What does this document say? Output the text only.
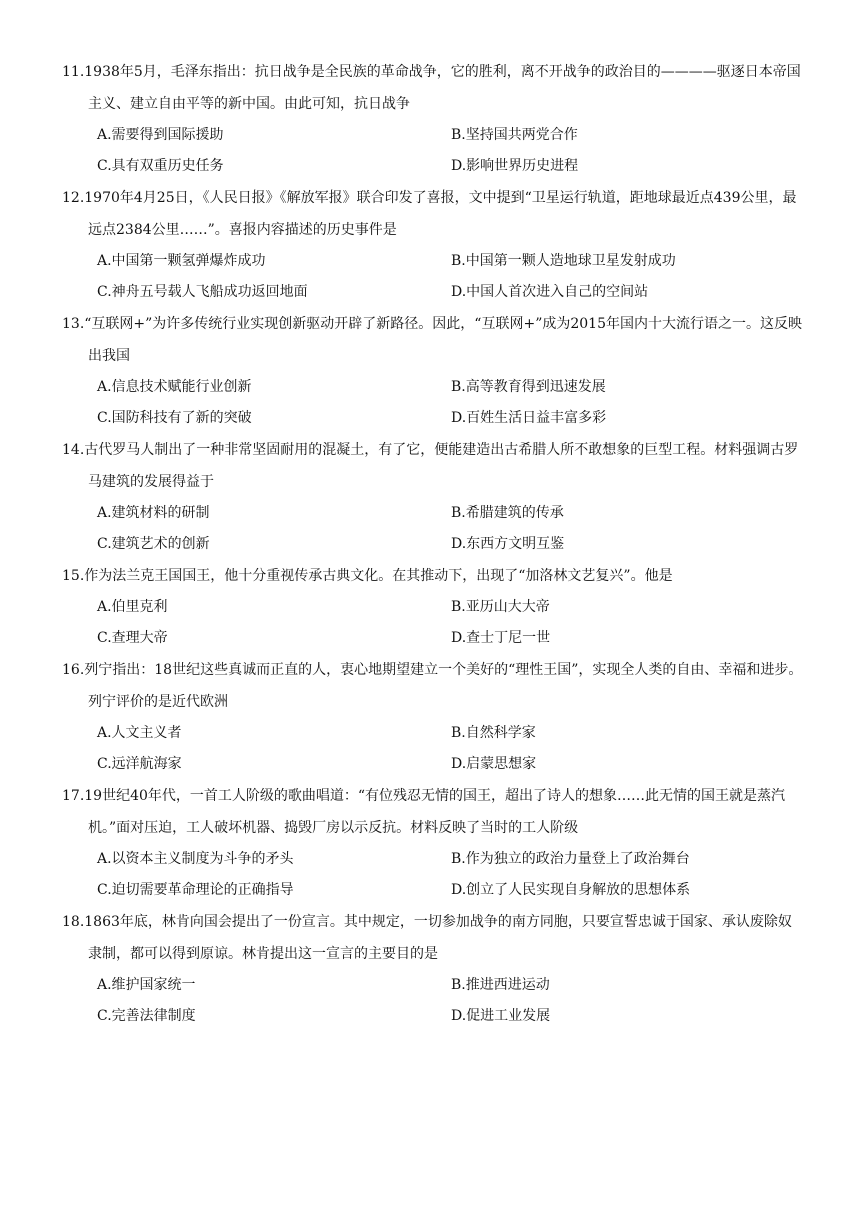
11.1938年5月，毛泽东指出：抗日战争是全民族的革命战争，它的胜利，离不开战争的政治目的————驱逐日本帝国主义、建立自由平等的新中国。由此可知，抗日战争
A.需要得到国际援助	B.坚持国共两党合作
C.具有双重历史任务	D.影响世界历史进程
12.1970年4月25日，《人民日报》《解放军报》联合印发了喜报，文中提到“卫星运行轨道，距地球最近点439公里，最远点2384公里……”。喜报内容描述的历史事件是
A.中国第一颗氢弹爆炸成功	B.中国第一颗人造地球卫星发射成功
C.神舟五号载人飞船成功返回地面	D.中国人首次进入自己的空间站
13.“互联网+”为许多传统行业实现创新驱动开辟了新路径。因此，“互联网+”成为2015年国内十大流行语之一。这反映出我国
A.信息技术赋能行业创新	B.高等教育得到迅速发展
C.国防科技有了新的突破	D.百姓生活日益丰富多彩
14.古代罗马人制出了一种非常坚固耐用的混凝土，有了它，便能建造出古希腊人所不敢想象的巨型工程。材料强调古罗马建筑的发展得益于
A.建筑材料的研制	B.希腊建筑的传承
C.建筑艺术的创新	D.东西方文明互鉴
15.作为法兰克王国国王，他十分重视传承古典文化。在其推动下，出现了“加洛林文艺复兴”。他是
A.伯里克利	B.亚历山大大帝
C.查理大帝	D.查士丁尼一世
16.列宁指出：18世纪这些真诚而正直的人，衷心地期望建立一个美好的“理性王国”，实现全人类的自由、幸福和进步。列宁评价的是近代欧洲
A.人文主义者	B.自然科学家
C.远洋航海家	D.启蒙思想家
17.19世纪40年代，一首工人阶级的歌曲唱道：“有位残忍无情的国王，超出了诗人的想象……此无情的国王就是蒸汽机。”面对压迫，工人破坏机器、捣毁厂房以示反抗。材料反映了当时的工人阶级
A.以资本主义制度为斗争的矛头	B.作为独立的政治力量登上了政治舞台
C.迫切需要革命理论的正确指导	D.创立了人民实现自身解放的思想体系
18.1863年底，林肯向国会提出了一份宣言。其中规定，一切参加战争的南方同胞，只要宣誓忠诚于国家、承认废除奴隶制，都可以得到原谅。林肯提出这一宣言的主要目的是
A.维护国家统一	B.推进西进运动
C.完善法律制度	D.促进工业发展
